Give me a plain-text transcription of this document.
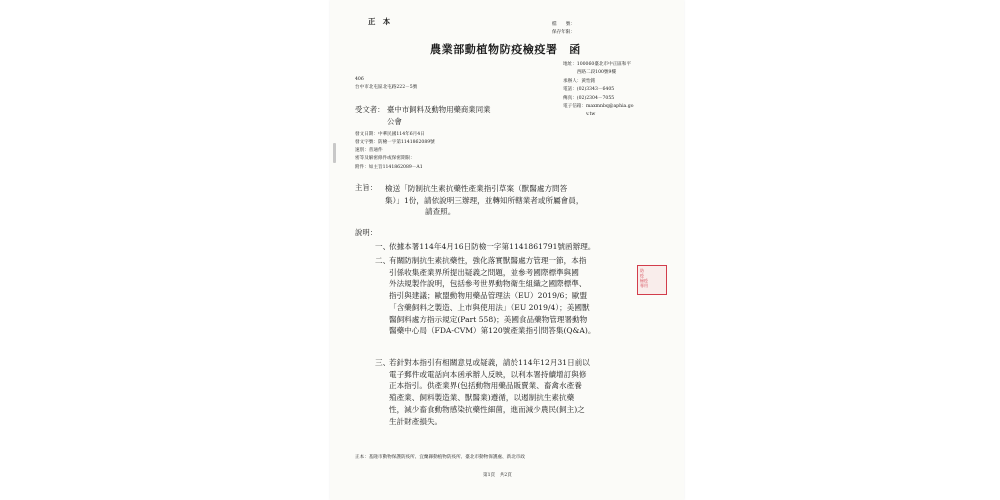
正　本	檔　　號：
保存年限：
農業部動植物防疫檢疫署　函
406
台中市北屯區北屯路222－5號
地址：100060臺北市中正區和平
　　　西路二段100號9樓
承辦人：黃怡銘
電話：(02)3343－6405
傳真：(02)2304－7055
電子信箱：maxmnbq@aphia.go
　　　　　v.tw
受文者： 臺中市飼料及動物用藥商業同業
公會
發文日期：中華民國114年6月4日
發文字號：防檢一字第1141862089號
速別：普通件
密等及解密條件或保密期限：
附件：如主旨1141862089－A1
主旨： 檢送「防制抗生素抗藥性產業指引草案（獸醫處方問答

集）」1份，請依說明三辦理，並轉知所轄業者或所屬會員，

請查照。

說明：
一、
依據本署114年4月16日防檢一字第1141861791號函辦理。
二、
有關防制抗生素抗藥性，強化落實獸醫處方管理一節，本指
引係收集產業界所提出疑義之問題，並參考國際標準與國
外法規製作說明，包括參考世界動物衛生組織之國際標準、
指引與建議；歐盟動物用藥品管理法（EU）2019/6；歐盟
「含藥飼料之製造、上市與使用法」（EU 2019/4）；美國獸
醫飼料處方指示規定(Part 558)；美國食品藥物管理署動物
醫藥中心局（FDA-CVM）第120號產業指引問答集(Q&A)。
三、
若針對本指引有相關意見或疑義，請於114年12月31日前以
電子郵件或電話向本函承辦人反映，以利本署持續增訂與修
正本指引。供產業界(包括動物用藥品販賣業、畜禽水產養
殖產業、飼料製造業、獸醫業)遵循，以遏制抗生素抗藥
性，減少畜食動物感染抗藥性細菌，進而減少農民(飼主)之
生計財產損失。
防
疫
檢疫
專用
正本：基隆市動物保護防疫所、宜蘭縣動植物防疫所、臺北市動物保護處、新北市政
第1頁　共2頁
